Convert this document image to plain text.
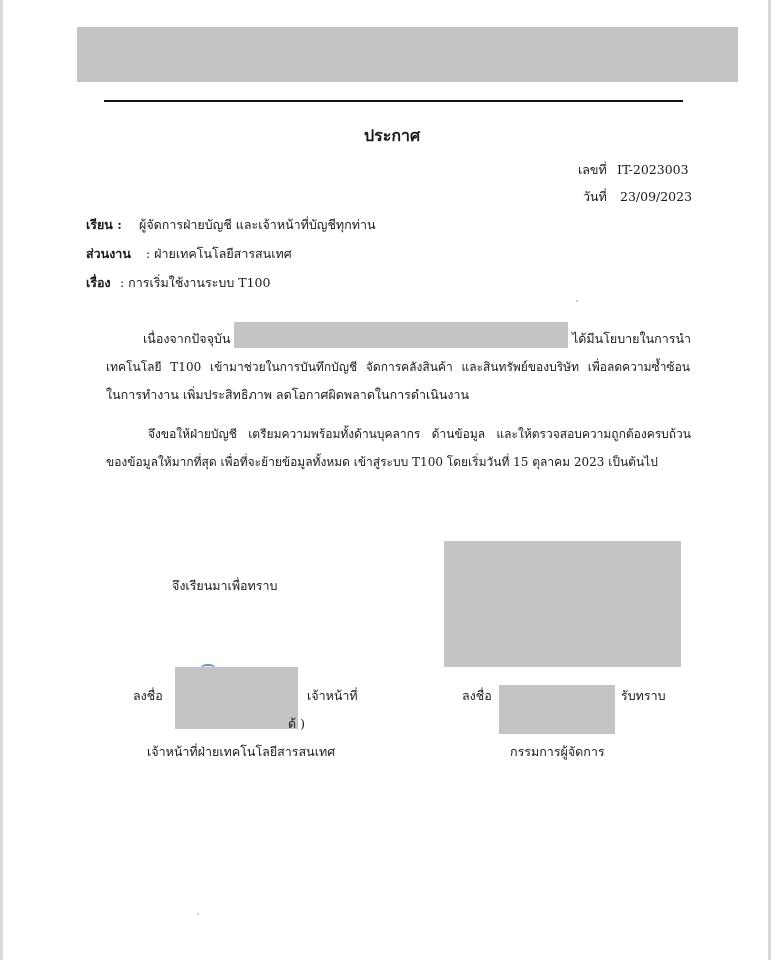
ประกาศ
เลขที่ IT-2023003
วันที่ 23/09/2023
เรียน : ผู้จัดการฝ่ายบัญชี และเจ้าหน้าที่บัญชีทุกท่าน
ส่วนงาน : ฝ่ายเทคโนโลยีสารสนเทศ
เรื่อง : การเริ่มใช้งานระบบ T100
เนื่องจากปัจจุบัน	ได้มีนโยบายในการนำ
เทคโนโลยี T100 เข้ามาช่วยในการบันทึกบัญชี จัดการคลังสินค้า และสินทรัพย์ของบริษัท เพื่อลดความซ้ำซ้อน
ในการทำงาน เพิ่มประสิทธิภาพ ลดโอกาศผิดพลาดในการดำเนินงาน
จึงขอให้ฝ่ายบัญชี เตรียมความพร้อมทั้งด้านบุคลากร ด้านข้อมูล และให้ตรวจสอบความถูกต้องครบถ้วน
ของข้อมูลให้มากที่สุด เพื่อที่จะย้ายข้อมูลทั้งหมด เข้าสู่ระบบ T100 โดยเริ่มวันที่ 15 ตุลาคม 2023 เป็นต้นไป
จึงเรียนมาเพื่อทราบ
ลงชื่อ	เจ้าหน้าที่
ด้ )
เจ้าหน้าที่ฝ่ายเทคโนโลยีสารสนเทศ
ลงชื่อ	รับทราบ
กรรมการผู้จัดการ
